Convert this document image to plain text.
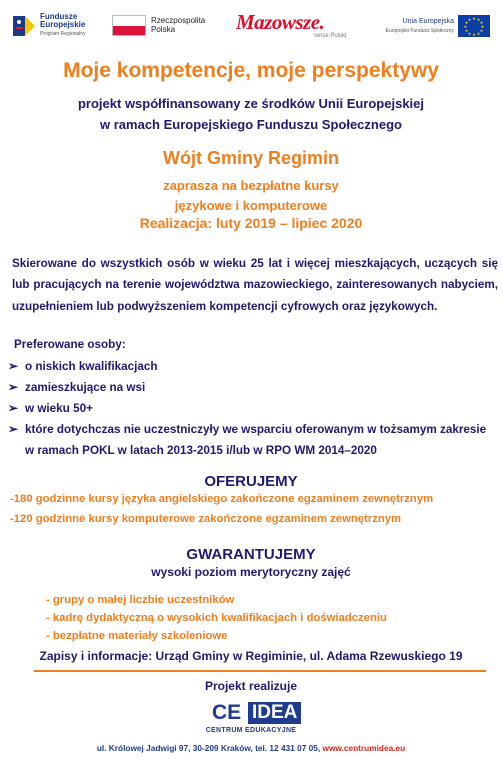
Fundusze
Europejskie
Program Regionalny
Rzeczpospolita
Polska	Mazowsze.
serce Polski
Unia Europejska
Europejski Fundusz Społeczny
★ ★
★
★
★
★
★
★
★
★
★
★
Moje kompetencje, moje perspektywy
projekt współfinansowany ze środków Unii Europejskiej
w ramach Europejskiego Funduszu Społecznego
Wójt Gminy Regimin
zaprasza na bezpłatne kursy
językowe i komputerowe
Realizacja: luty 2019 – lipiec 2020
Skierowane do wszystkich osób w wieku 25 lat i więcej mieszkających, uczących się lub pracujących na terenie województwa mazowieckiego, zainteresowanych nabyciem, uzupełnieniem lub podwyższeniem kompetencji cyfrowych oraz językowych.
Preferowane osoby:
➢ o niskich kwalifikacjach
➢ zamieszkujące na wsi
➢ w wieku 50+
➢ które dotychczas nie uczestniczyły we wsparciu oferowanym w tożsamym zakresie w ramach POKL w latach 2013-2015 i/lub w RPO WM 2014–2020
OFERUJEMY
-180 godzinne kursy języka angielskiego zakończone egzaminem zewnętrznym
-120 godzinne kursy komputerowe zakończone egzaminem zewnętrznym
GWARANTUJEMY
wysoki poziom merytoryczny zajęć
- grupy o małej liczbie uczestników
- kadrę dydaktyczną o wysokich kwalifikacjach i doświadczeniu
- bezpłatne materiały szkoleniowe
Zapisy i informacje: Urząd Gminy w Regiminie, ul. Adama Rzewuskiego 19
Projekt realizuje
CE IDEA
CENTRUM EDUKACYJNE
ul. Królowej Jadwigi 97, 30-209 Kraków, tel. 12 431 07 05, www.centrumidea.eu
